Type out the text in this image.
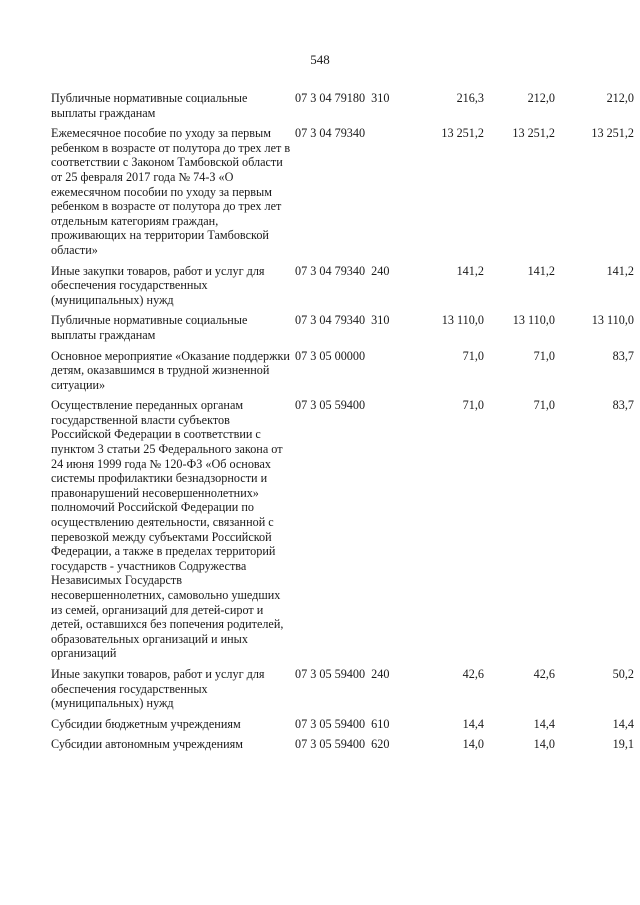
548
Публичные нормативные социальные выплаты гражданам	07 3 04 79180  310	216,3	212,0	212,0
Ежемесячное пособие по уходу за первым ребенком в возрасте от полутора до трех лет в соответствии с Законом Тамбовской области от 25 февраля 2017 года № 74-З «О ежемесячном пособии по уходу за первым ребенком в возрасте от полутора до трех лет отдельным категориям граждан, проживающих на территории Тамбовской области»	07 3 04 79340	13 251,2	13 251,2	13 251,2
Иные закупки товаров, работ и услуг для обеспечения государственных (муниципальных) нужд	07 3 04 79340  240	141,2	141,2	141,2
Публичные нормативные социальные выплаты гражданам	07 3 04 79340  310	13 110,0	13 110,0	13 110,0
Основное мероприятие «Оказание поддержки детям, оказавшимся в трудной жизненной ситуации»	07 3 05 00000	71,0	71,0	83,7
Осуществление переданных органам государственной власти субъектов Российской Федерации в соответствии с пунктом 3 статьи 25 Федерального закона от 24 июня 1999 года № 120-ФЗ «Об основах системы профилактики безнадзорности и правонарушений несовершеннолетних» полномочий Российской Федерации по осуществлению деятельности, связанной с перевозкой между субъектами Российской Федерации, а также в пределах территорий государств - участников Содружества Независимых Государств несовершеннолетних, самовольно ушедших из семей, организаций для детей-сирот и детей, оставшихся без попечения родителей, образовательных организаций и иных организаций	07 3 05 59400	71,0	71,0	83,7
Иные закупки товаров, работ и услуг для обеспечения государственных (муниципальных) нужд	07 3 05 59400  240	42,6	42,6	50,2
Субсидии бюджетным учреждениям	07 3 05 59400  610	14,4	14,4	14,4
Субсидии автономным учреждениям	07 3 05 59400  620	14,0	14,0	19,1
